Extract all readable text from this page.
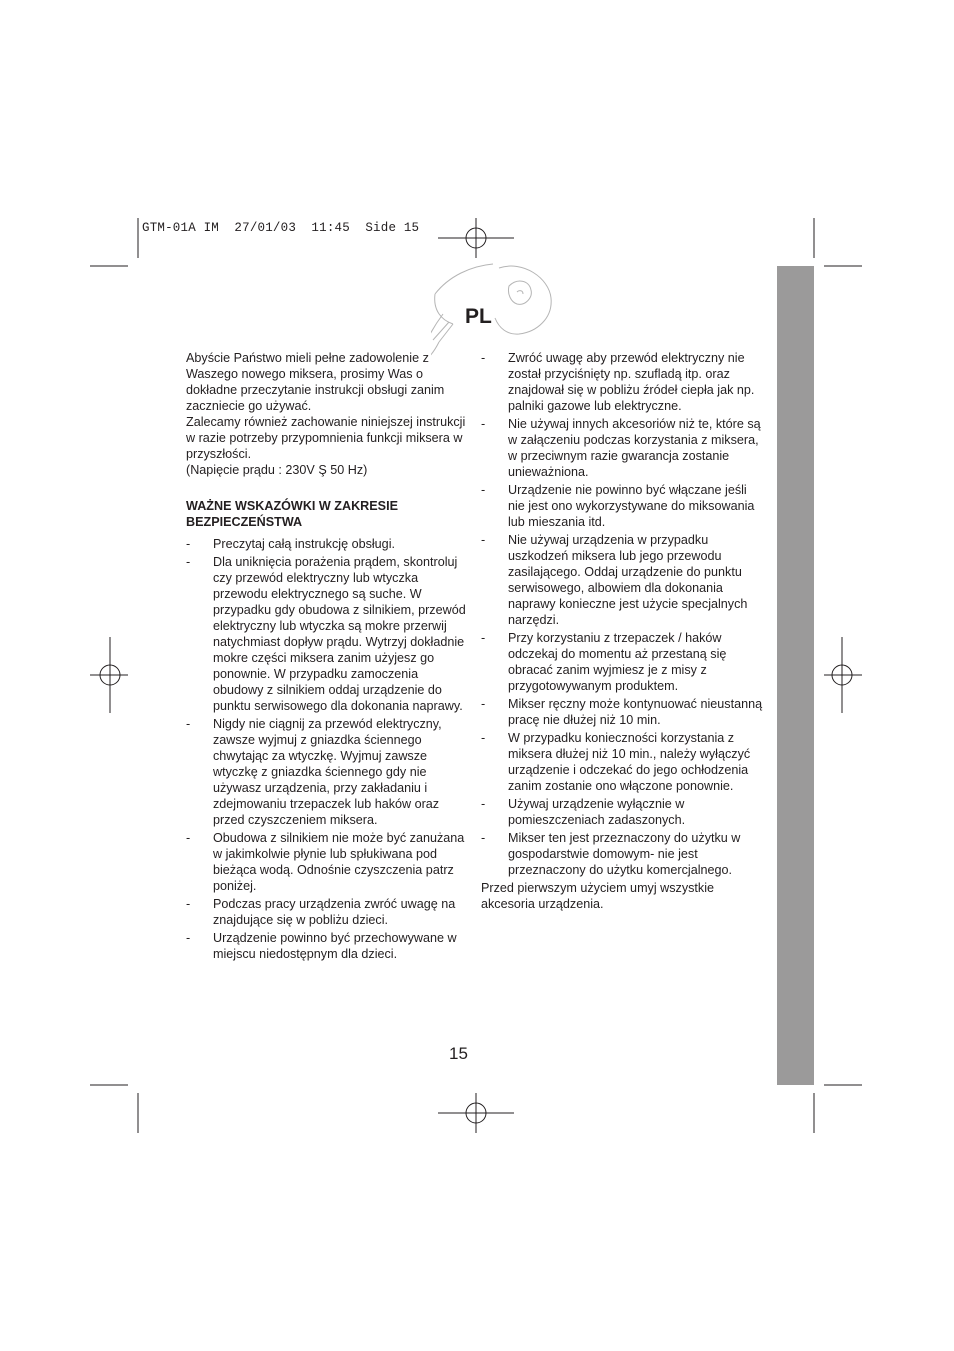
GTM-01A IM  27/01/03  11:45  Side 15
PL

Abyście Państwo mieli pełne zadowolenie z Waszego nowego miksera, prosimy Was o dokładne przeczytanie instrukcji obsługi zanim zaczniecie go używać.

Zalecamy również zachowanie niniejszej instrukcji w razie potrzeby przypomnienia funkcji miksera w przyszłości.

(Napięcie prądu : 230V Ş 50 Hz)

WAŻNE WSKAZÓWKI W ZAKRESIE BEZPIECZEŃSTWA

- Preczytaj całą instrukcję obsługi.
- Dla uniknięcia porażenia prądem, skontroluj czy przewód elektryczny lub wtyczka przewodu elektrycznego są suche. W przypadku gdy obudowa z silnikiem, przewód elektryczny lub wtyczka są mokre przerwij natychmiast dopływ prądu. Wytrzyj dokładnie mokre części miksera zanim użyjesz go ponownie. W przypadku zamoczenia obudowy z silnikiem oddaj urządzenie do punktu serwisowego dla dokonania naprawy.
- Nigdy nie ciągnij za przewód elektryczny, zawsze wyjmuj z gniazdka ściennego chwytając za wtyczkę. Wyjmuj zawsze wtyczkę z gniazdka ściennego gdy nie używasz urządzenia, przy zakładaniu i zdejmowaniu trzepaczek lub haków oraz przed czyszczeniem miksera.
- Obudowa z silnikiem nie może być zanużana w jakimkolwie płynie lub spłukiwana pod bieżąca wodą. Odnośnie czyszczenia patrz poniżej.
- Podczas pracy urządzenia zwróć uwagę na znajdujące się w pobliżu dzieci.
- Urządzenie powinno być przechowywane w miejscu niedostępnym dla dzieci.
- Zwróć uwagę aby przewód elektryczny nie został przyciśnięty np. szufladą itp. oraz znajdował się w pobliżu źródeł ciepła jak np. palniki gazowe lub elektryczne.
- Nie używaj innych akcesoriów niż te, które są w załączeniu podczas korzystania z miksera, w przeciwnym razie gwarancja zostanie unieważniona.
- Urządzenie nie powinno być włączane jeśli nie jest ono wykorzystywane do miksowania lub mieszania itd.
- Nie używaj urządzenia w przypadku uszkodzeń miksera lub jego przewodu zasilającego. Oddaj urządzenie do punktu serwisowego, albowiem dla dokonania naprawy konieczne jest użycie specjalnych narzędzi.
- Przy korzystaniu z trzepaczek / haków odczekaj do momentu aż przestaną się obracać zanim wyjmiesz je z misy z przygotowywanym produktem.
- Mikser ręczny może kontynuować nieustanną pracę nie dłużej niż 10 min.
- W przypadku konieczności korzystania z miksera dłużej niż 10 min., należy wyłączyć urządzenie i odczekać do jego ochłodzenia zanim zostanie ono włączone ponownie.
- Używaj urządzenie wyłącznie w pomieszczeniach zadaszonych.
- Mikser ten jest przeznaczony do użytku w gospodarstwie domowym- nie jest przeznaczony do użytku komercjalnego.

Przed pierwszym użyciem umyj wszystkie akcesoria urządzenia.

15
